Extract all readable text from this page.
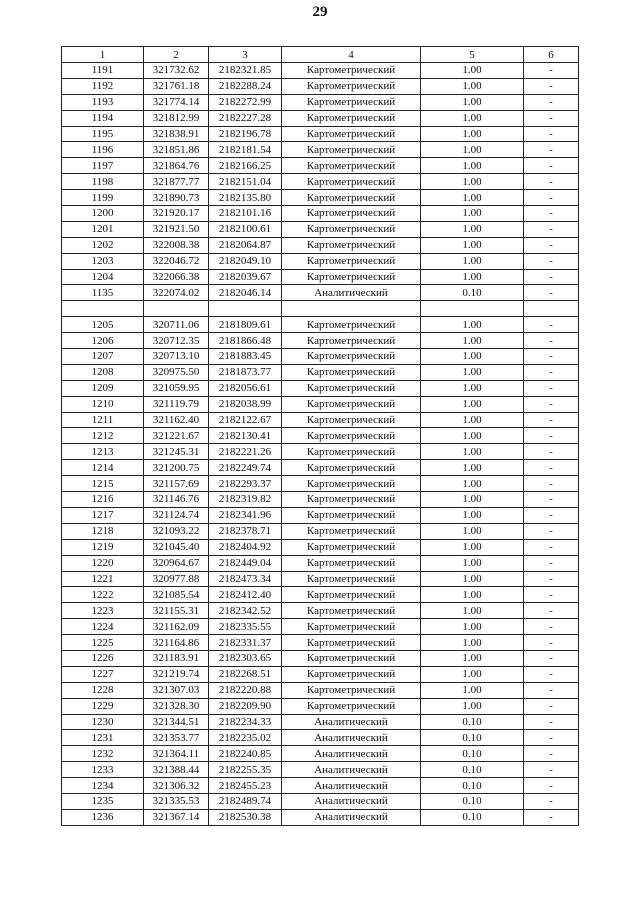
29
1	2	3	4	5	6
1191	321732.62	2182321.85	Картометрический	1.00	-
1192	321761.18	2182288.24	Картометрический	1.00	-
1193	321774.14	2182272.99	Картометрический	1.00	-
1194	321812.99	2182227.28	Картометрический	1.00	-
1195	321838.91	2182196.78	Картометрический	1.00	-
1196	321851.86	2182181.54	Картометрический	1.00	-
1197	321864.76	2182166.25	Картометрический	1.00	-
1198	321877.77	2182151.04	Картометрический	1.00	-
1199	321890.73	2182135.80	Картометрический	1.00	-
1200	321920.17	2182101.16	Картометрический	1.00	-
1201	321921.50	2182100.61	Картометрический	1.00	-
1202	322008.38	2182064.87	Картометрический	1.00	-
1203	322046.72	2182049.10	Картометрический	1.00	-
1204	322066.38	2182039.67	Картометрический	1.00	-
1135	322074.02	2182046.14	Аналитический	0.10	-

1205	320711.06	2181809.61	Картометрический	1.00	-
1206	320712.35	2181866.48	Картометрический	1.00	-
1207	320713.10	2181883.45	Картометрический	1.00	-
1208	320975.50	2181873.77	Картометрический	1.00	-
1209	321059.95	2182056.61	Картометрический	1.00	-
1210	321119.79	2182038.99	Картометрический	1.00	-
1211	321162.40	2182122.67	Картометрический	1.00	-
1212	321221.67	2182130.41	Картометрический	1.00	-
1213	321245.31	2182221.26	Картометрический	1.00	-
1214	321200.75	2182249.74	Картометрический	1.00	-
1215	321157.69	2182293.37	Картометрический	1.00	-
1216	321146.76	2182319.82	Картометрический	1.00	-
1217	321124.74	2182341.96	Картометрический	1.00	-
1218	321093.22	2182378.71	Картометрический	1.00	-
1219	321045.40	2182404.92	Картометрический	1.00	-
1220	320964.67	2182449.04	Картометрический	1.00	-
1221	320977.88	2182473.34	Картометрический	1.00	-
1222	321085.54	2182412.40	Картометрический	1.00	-
1223	321155.31	2182342.52	Картометрический	1.00	-
1224	321162.09	2182335.55	Картометрический	1.00	-
1225	321164.86	2182331.37	Картометрический	1.00	-
1226	321183.91	2182303.65	Картометрический	1.00	-
1227	321219.74	2182268.51	Картометрический	1.00	-
1228	321307.03	2182220.88	Картометрический	1.00	-
1229	321328.30	2182209.90	Картометрический	1.00	-
1230	321344.51	2182234.33	Аналитический	0.10	-
1231	321353.77	2182235.02	Аналитический	0.10	-
1232	321364.11	2182240.85	Аналитический	0.10	-
1233	321388.44	2182255.35	Аналитический	0.10	-
1234	321306.32	2182455.23	Аналитический	0.10	-
1235	321335.53	2182489.74	Аналитический	0.10	-
1236	321367.14	2182530.38	Аналитический	0.10	-
